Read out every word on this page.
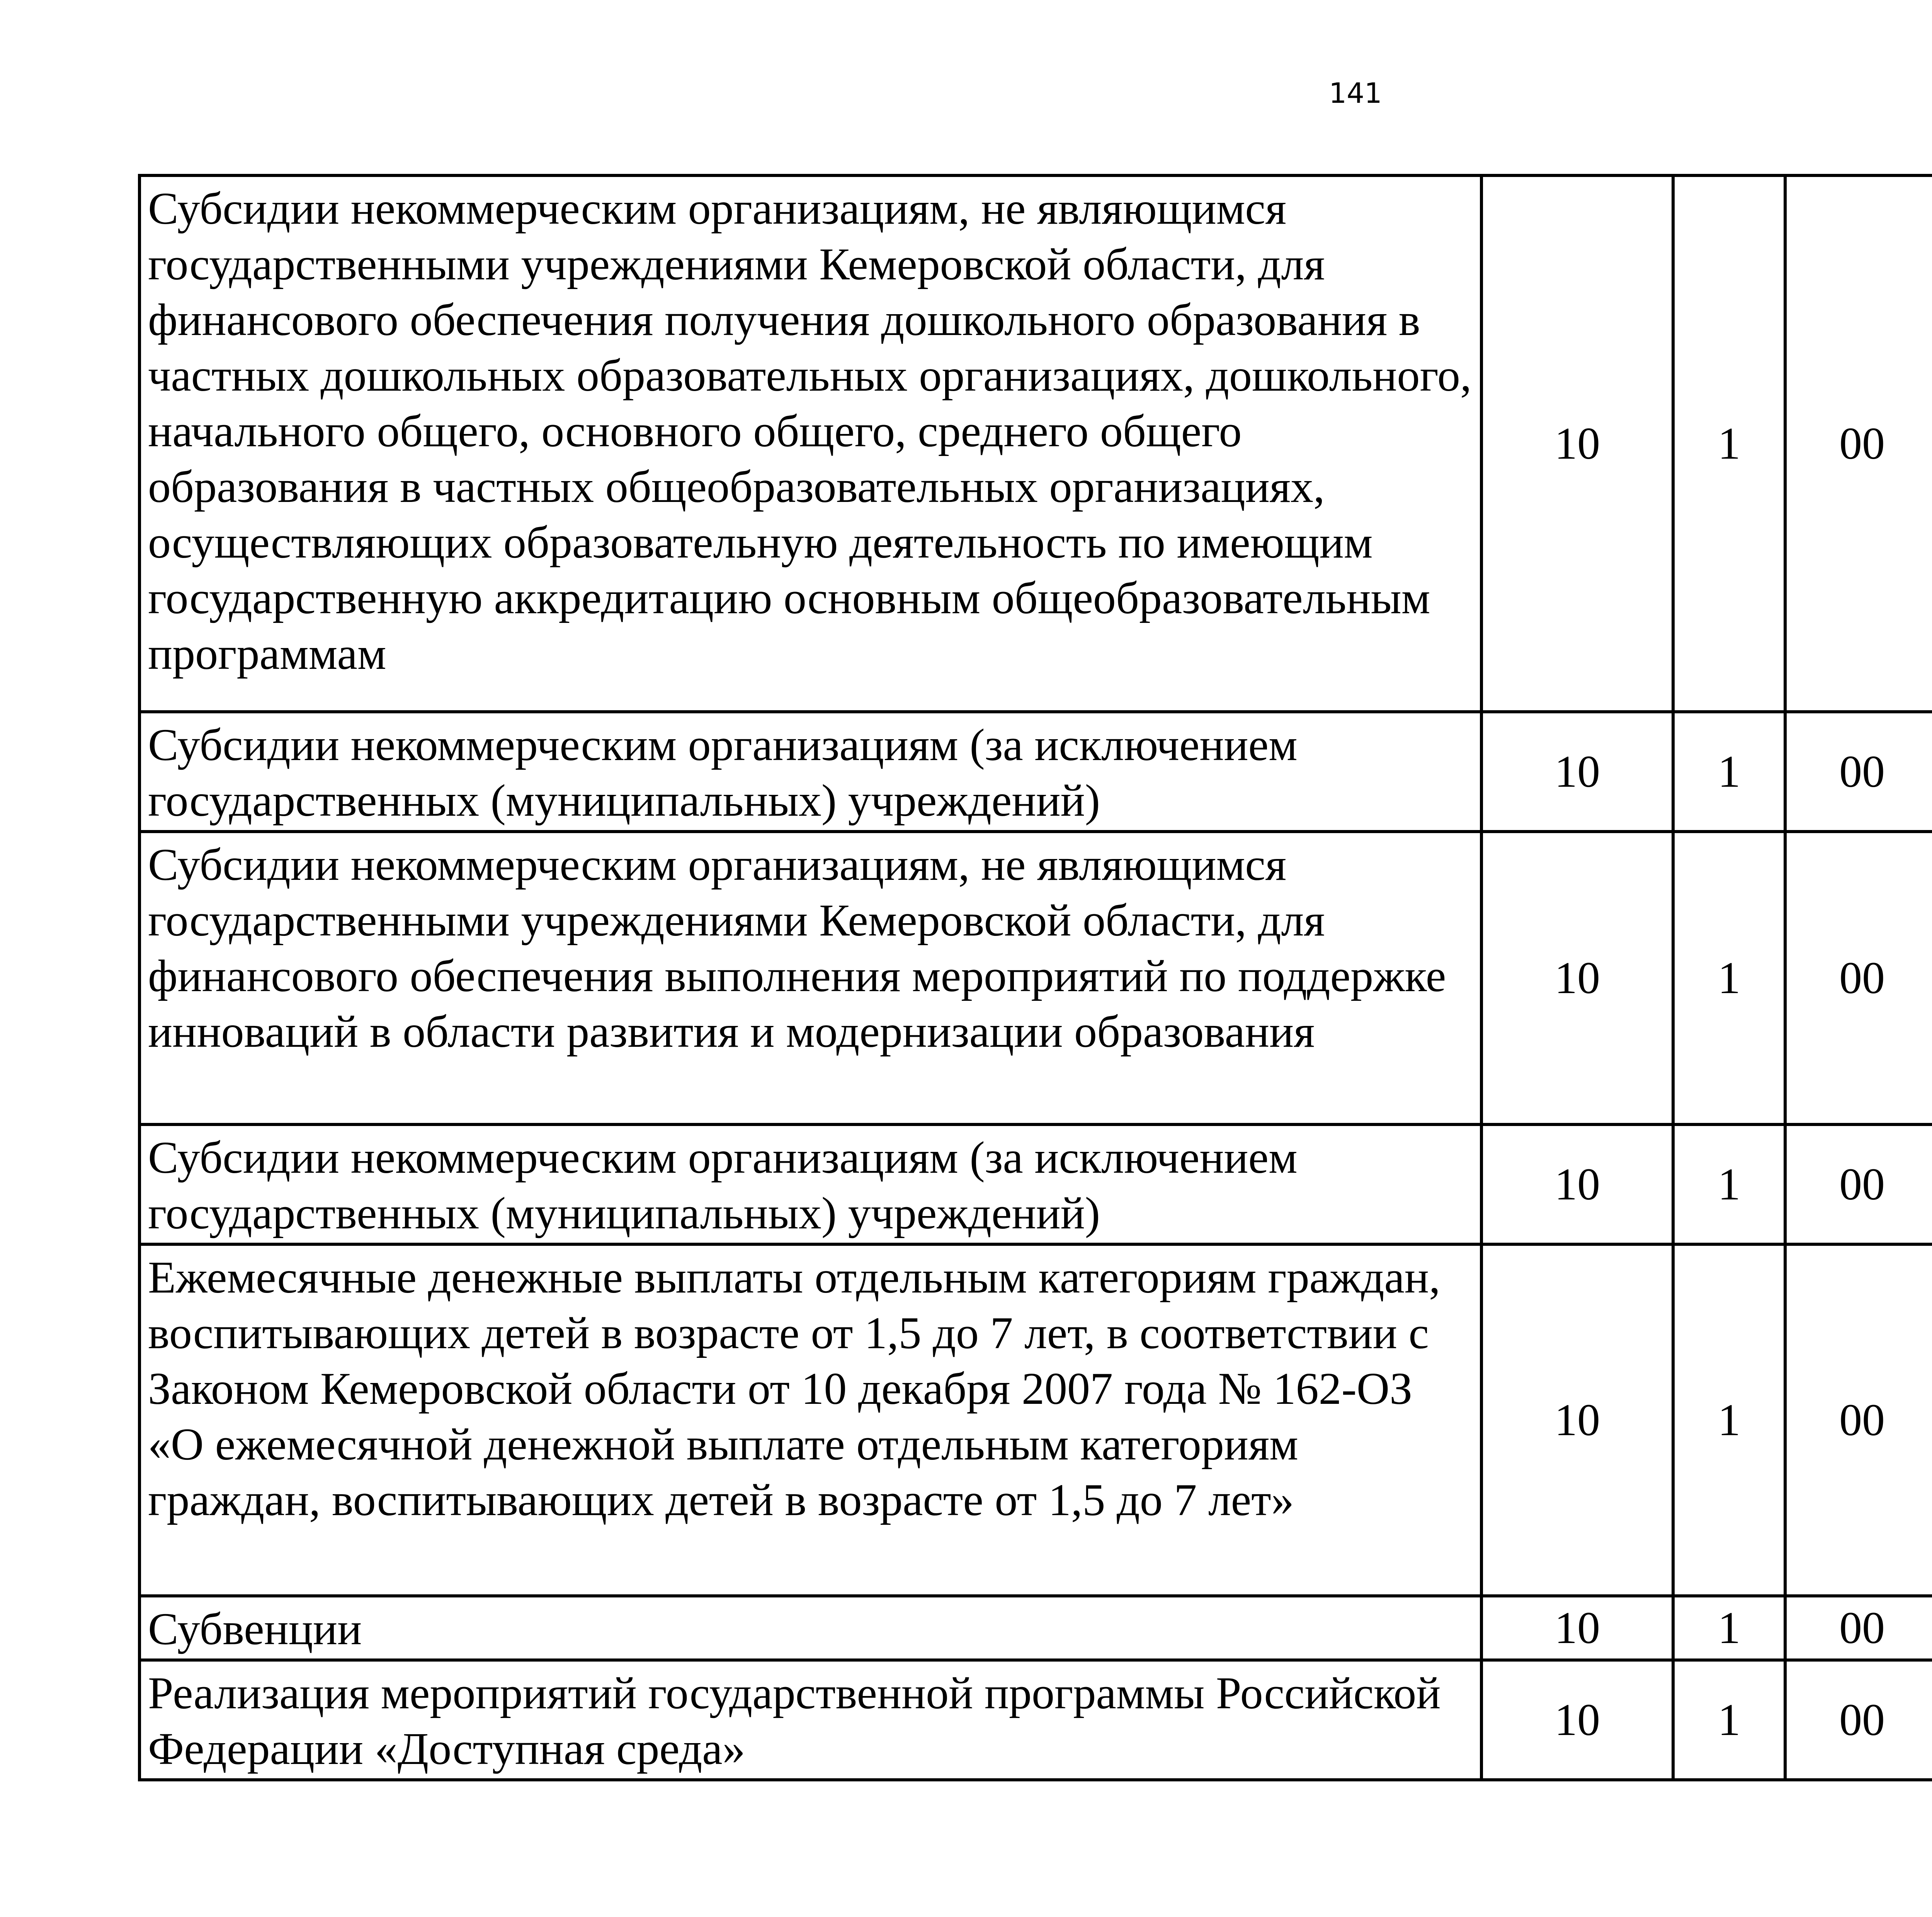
141
Субсидии некоммерческим организациям, не являющимся государственными учреждениями Кемеровской области, для финансового обеспечения получения дошкольного образования в частных дошкольных образовательных организациях, дошкольного, начального общего, основного общего, среднего общего образования в частных общеобразовательных организациях, осуществляющих образовательную деятельность по имеющим государственную аккредитацию основным общеобразовательным программам	10	1	00			
Субсидии некоммерческим организациям (за исключением государственных (муниципальных) учреждений)	10	1	00			
Субсидии некоммерческим организациям, не являющимся государственными учреждениями Кемеровской области, для финансового обеспечения выполнения мероприятий по поддержке инноваций в области развития и модернизации образования	10	1	00			
Субсидии некоммерческим организациям (за исключением государственных (муниципальных) учреждений)	10	1	00			
Ежемесячные денежные выплаты отдельным категориям граждан, воспитывающих детей в возрасте от 1,5 до 7 лет, в соответствии с Законом Кемеровской области от 10 декабря 2007 года № 162-ОЗ «О ежемесячной денежной выплате отдельным категориям граждан, воспитывающих детей в возрасте от 1,5 до 7 лет»	10	1	00			
Субвенции	10	1	00			
Реализация мероприятий государственной программы Российской Федерации «Доступная среда»	10	1	00			
